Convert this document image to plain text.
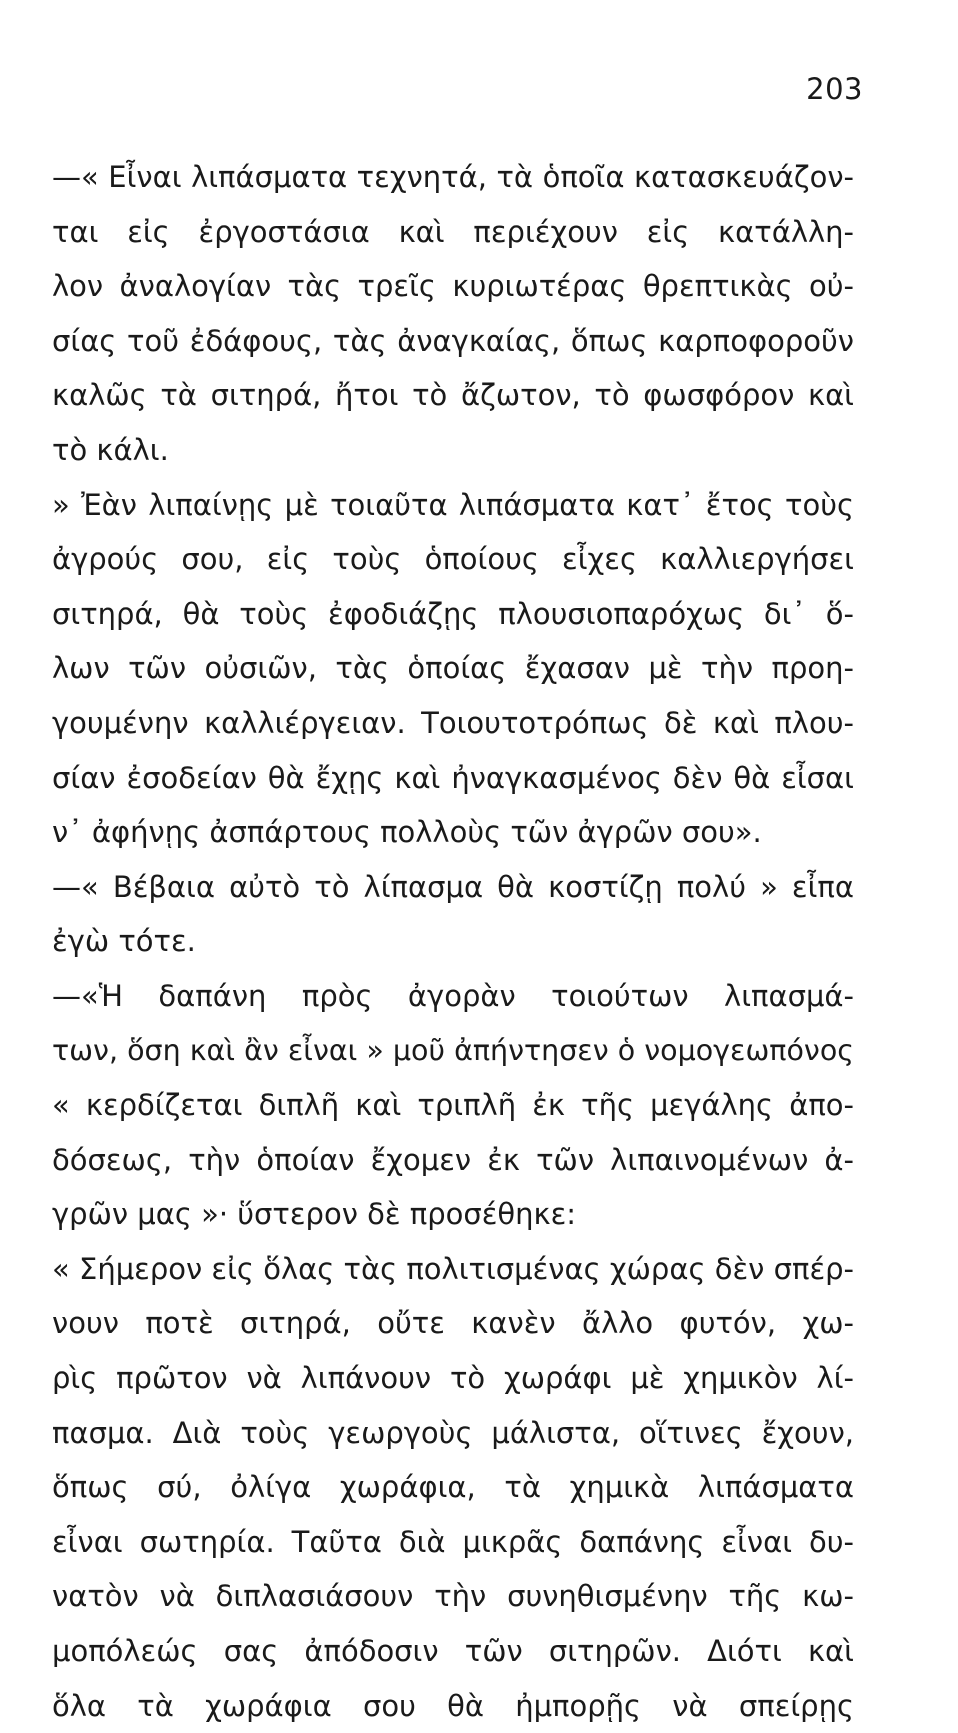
203
—« Εἶναι λιπάσματα τεχνητά, τὰ ὁποῖα κατασκευάζον-
ται εἰς ἐργοστάσια καὶ περιέχουν εἰς κατάλλη-
λον ἀναλογίαν τὰς τρεῖς κυριωτέρας θρεπτικὰς οὐ-
σίας τοῦ ἐδάφους, τὰς ἀναγκαίας, ὅπως καρποφοροῦν
καλῶς τὰ σιτηρά, ἤτοι τὸ ἄζωτον, τὸ φωσφόρον καὶ
τὸ κάλι.
» Ἐὰν λιπαίνῃς μὲ τοιαῦτα λιπάσματα κατ᾿ ἔτος τοὺς
ἀγρούς σου, εἰς τοὺς ὁποίους εἶχες καλλιεργήσει
σιτηρά, θὰ τοὺς ἐφοδιάζῃς πλουσιοπαρόχως δι᾿ ὅ-
λων τῶν οὐσιῶν, τὰς ὁποίας ἔχασαν μὲ τὴν προη-
γουμένην καλλιέργειαν. Τοιουτοτρόπως δὲ καὶ πλου-
σίαν ἐσοδείαν θὰ ἔχῃς καὶ ἠναγκασμένος δὲν θὰ εἶσαι
ν᾿ ἀφήνῃς ἀσπάρτους πολλοὺς τῶν ἀγρῶν σου».
—« Βέβαια αὐτὸ τὸ λίπασμα θὰ κοστίζῃ πολύ » εἶπα
ἐγὼ τότε.
—«Ἡ δαπάνη πρὸς ἀγορὰν τοιούτων λιπασμά-
των, ὅση καὶ ἂν εἶναι » μοῦ ἀπήντησεν ὁ νομογεωπόνος
« κερδίζεται διπλῆ καὶ τριπλῆ ἐκ τῆς μεγάλης ἀπο-
δόσεως, τὴν ὁποίαν ἔχομεν ἐκ τῶν λιπαινομένων ἀ-
γρῶν μας »· ὕστερον δὲ προσέθηκε:
« Σήμερον εἰς ὅλας τὰς πολιτισμένας χώρας δὲν σπέρ-
νουν ποτὲ σιτηρά, οὔτε κανὲν ἄλλο φυτόν, χω-
ρὶς πρῶτον νὰ λιπάνουν τὸ χωράφι μὲ χημικὸν λί-
πασμα. Διὰ τοὺς γεωργοὺς μάλιστα, οἵτινες ἔχουν,
ὅπως σύ, ὀλίγα χωράφια, τὰ χημικὰ λιπάσματα
εἶναι σωτηρία. Ταῦτα διὰ μικρᾶς δαπάνης εἶναι δυ-
νατὸν νὰ διπλασιάσουν τὴν συνηθισμένην τῆς κω-
μοπόλεώς σας ἀπόδοσιν τῶν σιτηρῶν. Διότι καὶ
ὅλα τὰ χωράφια σου θὰ ἠμπορῇς νὰ σπείρῃς
